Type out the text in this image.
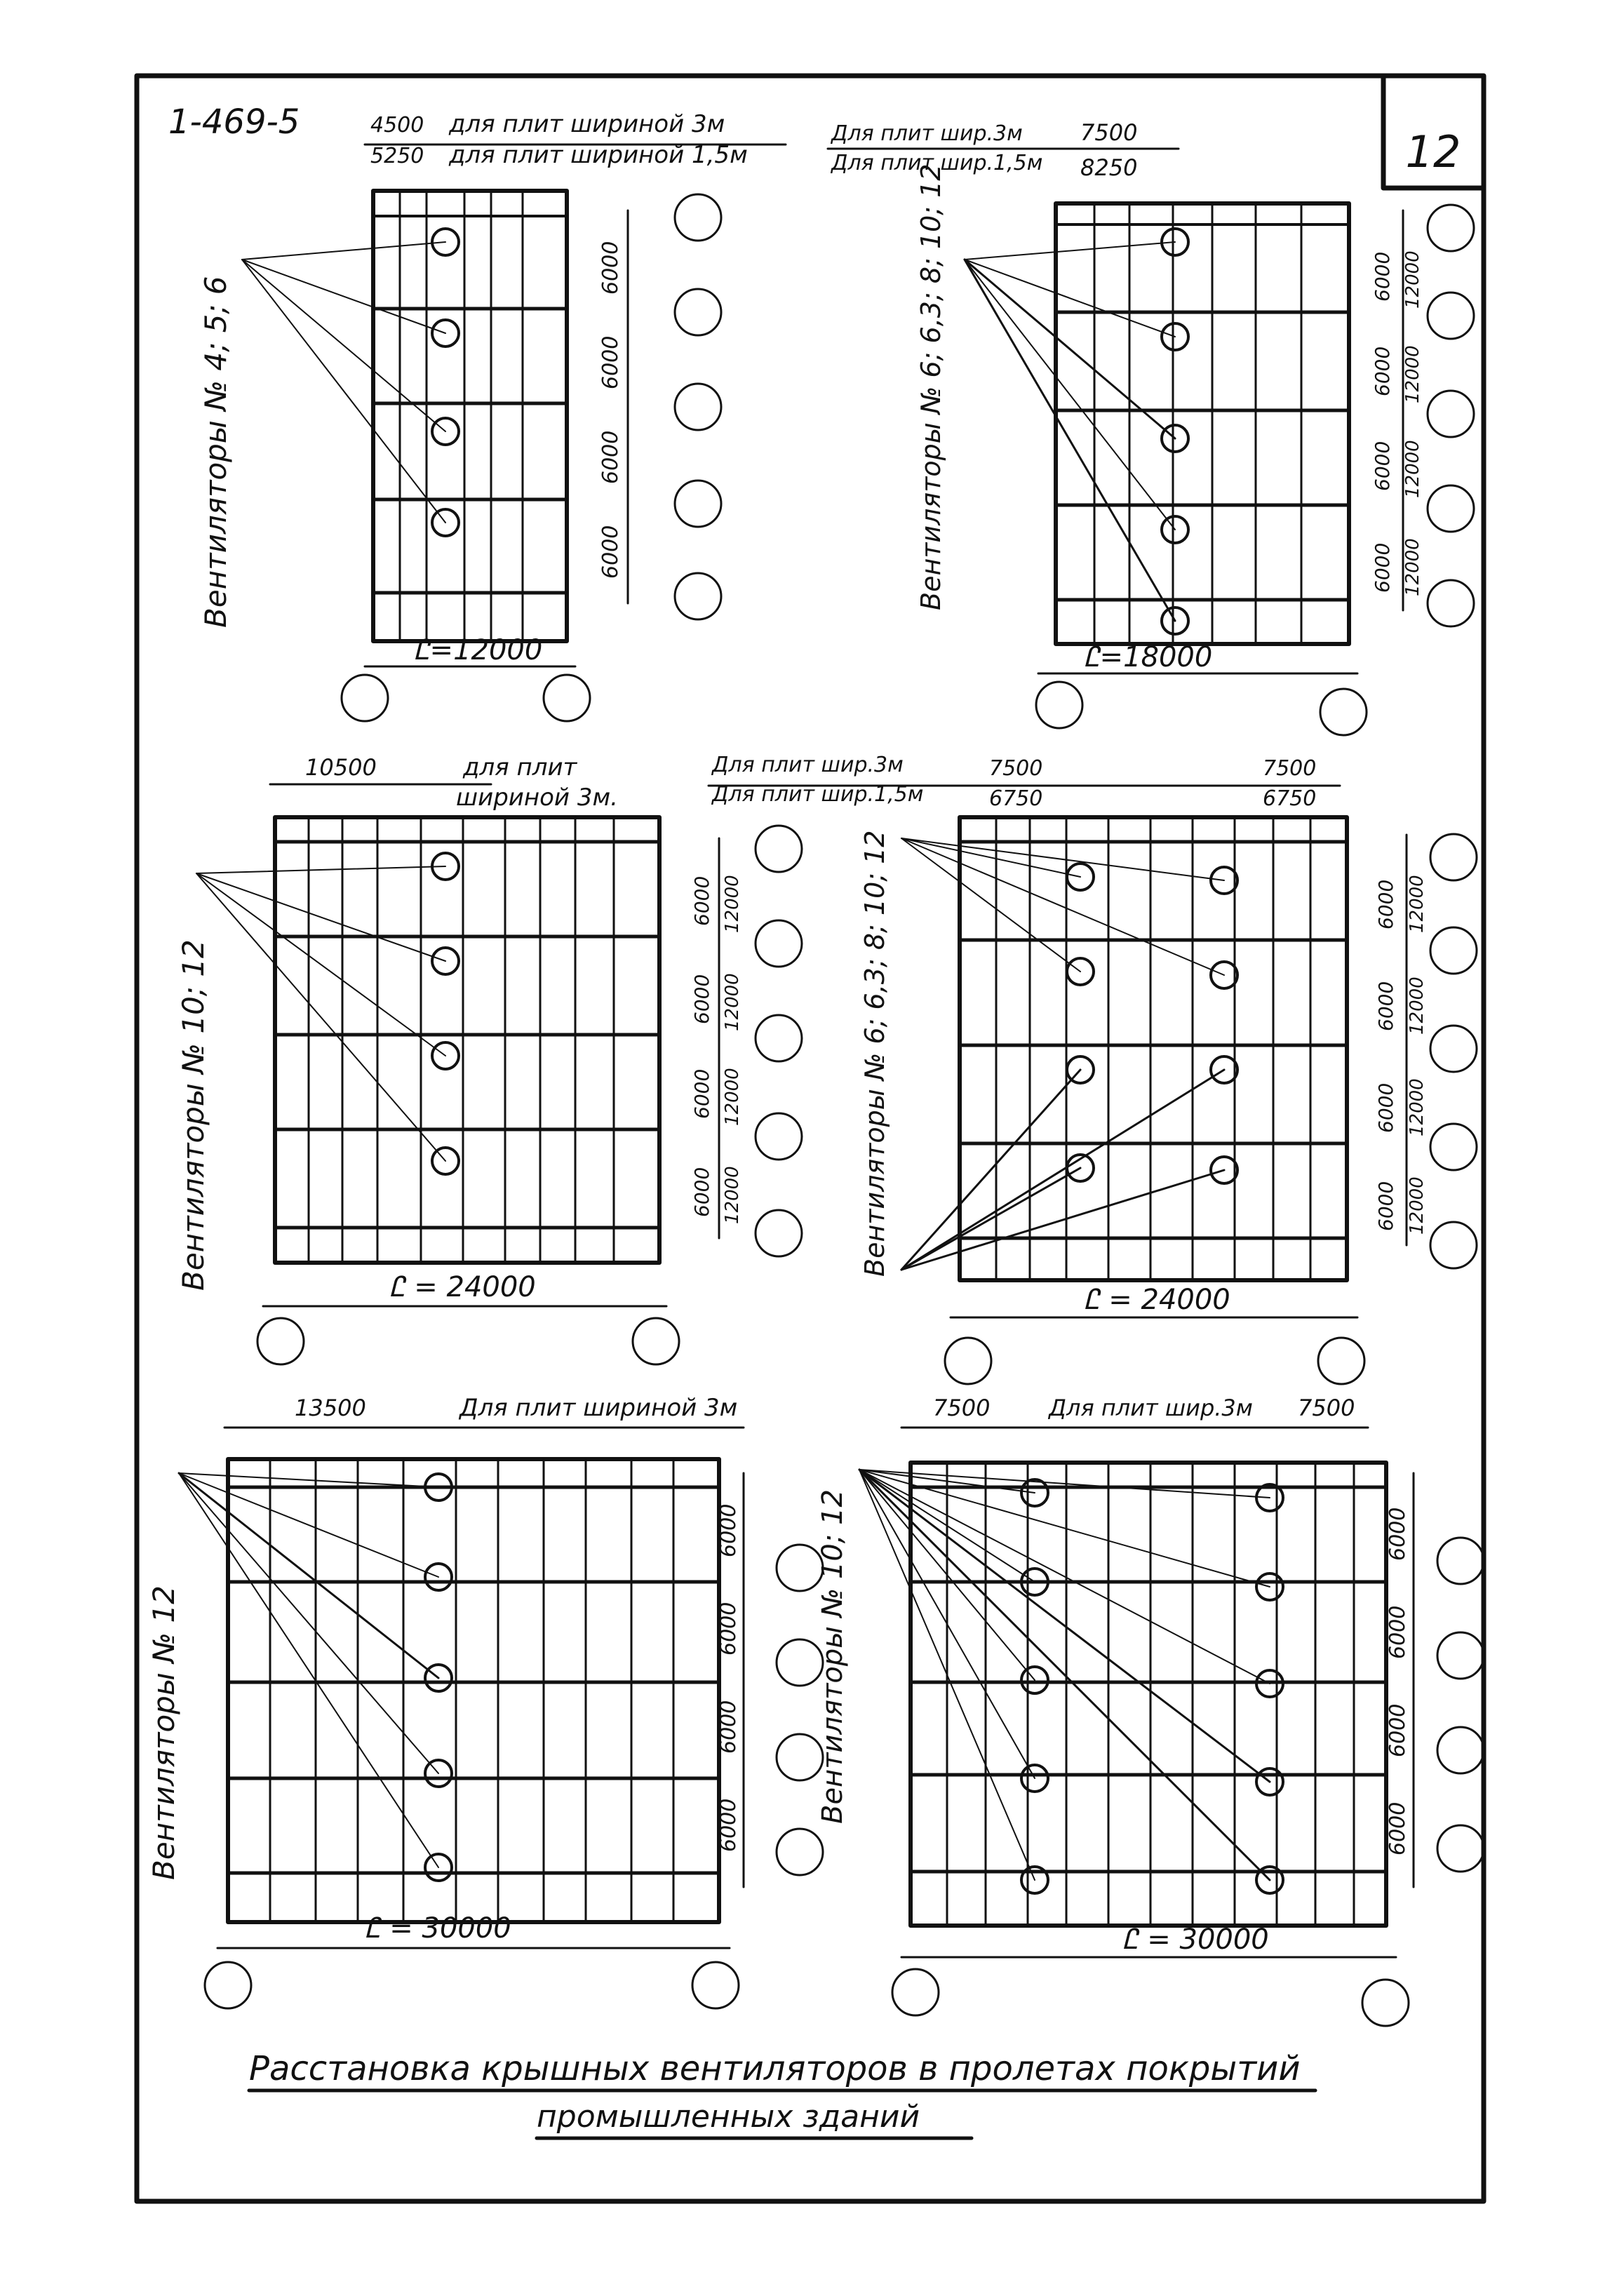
12
1-469-5	4500 для плит шириной 3м
5250 для плит шириной 1,5м
Вентиляторы № 4; 5; 6
6000
6000
6000
6000
Ꮭ=12000
Для плит шир.3м	7500
Для плит шир.1,5м 8250
Вентиляторы № 6; 6,3; 8; 10; 12	6000 12000
6000 12000
6000 12000
6000 12000
Ꮭ=18000
10500	для плит
шириной 3м.
Вентиляторы № 10; 12
6000 12000
6000 12000
6000 12000
6000 12000
Ꮭ = 24000
Для плит шир.3м	7500	7500
Для плит шир.1,5м	6750	6750
Вентиляторы № 6; 6,3; 8; 10; 12	6000 12000
6000 12000
6000 12000
6000 12000
Ꮭ = 24000
13500	Для плит шириной 3м
Вентиляторы № 12
6000
6000
6000
6000
Ꮭ = 30000
7500	Для плит шир.3м 7500
Вентиляторы № 10; 12	6000
6000
6000
6000
Ꮭ = 30000
Расстановка крышных вентиляторов в пролетах покрытий
промышленных зданий
